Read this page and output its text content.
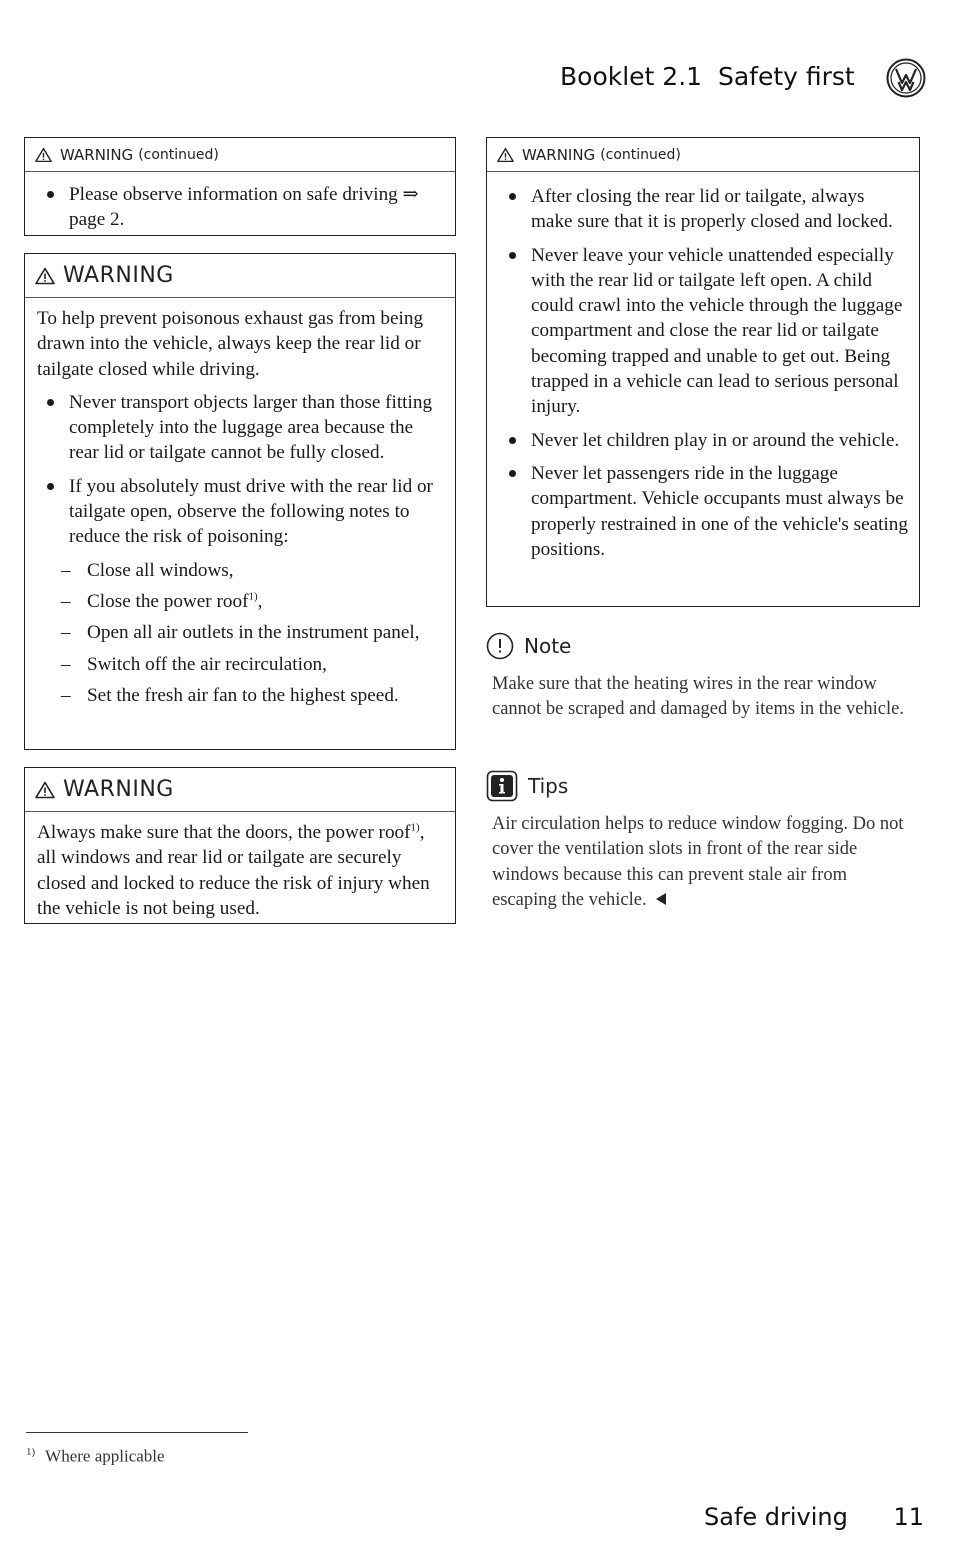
Booklet 2.1 Safety first
WARNING (continued)
Please observe information on safe driving ⇒ page 2.
WARNING

To help prevent poisonous exhaust gas from being drawn into the vehicle, always keep the rear lid or tailgate closed while driving.

Never transport objects larger than those fitting completely into the luggage area because the rear lid or tailgate cannot be fully closed.
If you absolutely must drive with the rear lid or tailgate open, observe the following notes to reduce the risk of poisoning:
– Close all windows,
– Close the power roof$^{1)}$,
– Open all air outlets in the instrument panel,
– Switch off the air recirculation,
– Set the fresh air fan to the highest speed.
WARNING

Always make sure that the doors, the power roof$^{1)}$, all windows and rear lid or tailgate are securely closed and locked to reduce the risk of injury when the vehicle is not being used.

WARNING (continued)
After closing the rear lid or tailgate, always make sure that it is properly closed and locked.
Never leave your vehicle unattended especially with the rear lid or tailgate left open. A child could crawl into the vehicle through the luggage compartment and close the rear lid or tailgate becoming trapped and unable to get out. Being trapped in a vehicle can lead to serious personal injury.
Never let children play in or around the vehicle.
Never let passengers ride in the luggage compartment. Vehicle occupants must always be properly restrained in one of the vehicle's seating positions.
Note
Make sure that the heating wires in the rear window cannot be scraped and damaged by items in the vehicle.
Tips
Air circulation helps to reduce window fogging. Do not cover the ventilation slots in front of the rear side windows because this can prevent stale air from escaping the vehicle.
$^{1)}$ Where applicable
Safe driving 11
